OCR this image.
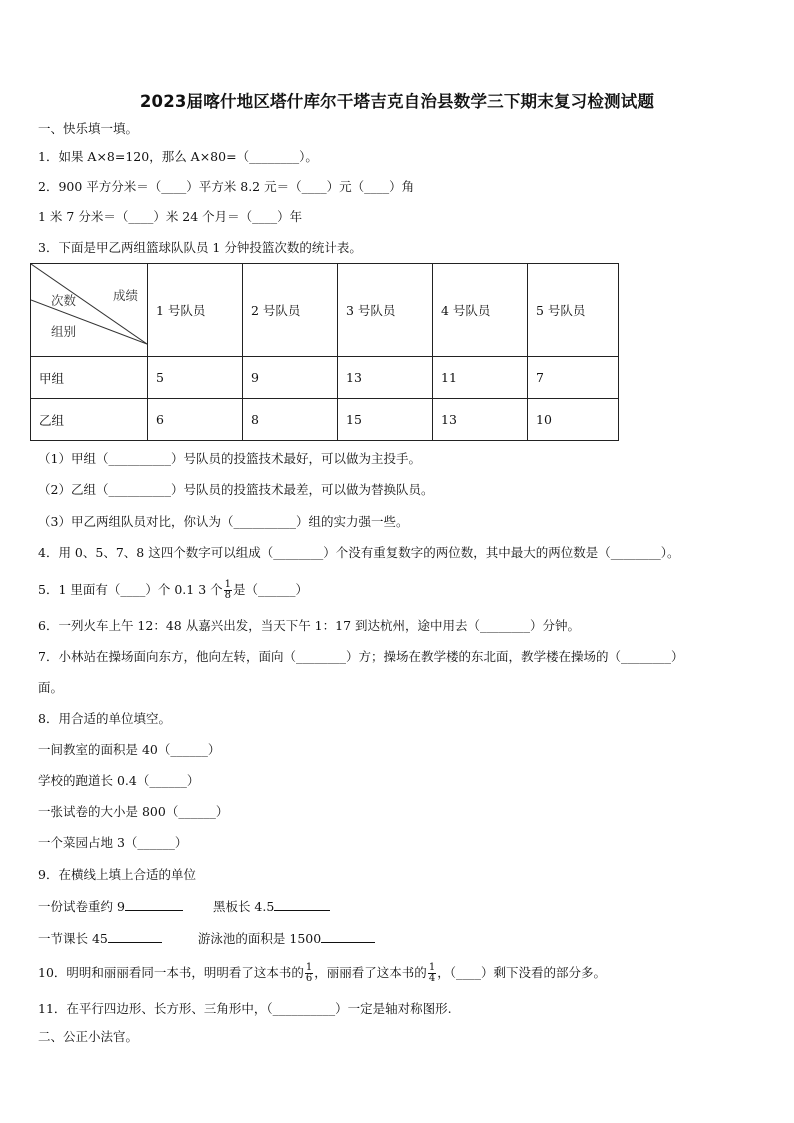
2023届喀什地区塔什库尔干塔吉克自治县数学三下期末复习检测试题
一、快乐填一填。
1．如果 A×8=120，那么 A×80=（________）。
2．900 平方分米＝（____）平方米 8.2 元＝（____）元（____）角
1 米 7 分米＝（____）米 24 个月＝（____）年
3．下面是甲乙两组篮球队队员 1 分钟投篮次数的统计表。
成绩
次数
组别	1 号队员	2 号队员	3 号队员	4 号队员	5 号队员
甲组	5	9	13	11	7
乙组	6	8	15	13	10
（1）甲组（__________）号队员的投篮技术最好，可以做为主投手。
（2）乙组（__________）号队员的投篮技术最差，可以做为替换队员。
（3）甲乙两组队员对比，你认为（__________）组的实力强一些。
4．用 0、5、7、8 这四个数字可以组成（________）个没有重复数字的两位数，其中最大的两位数是（________）。
5．1 里面有（____）个 0.1 3 个 $\frac{1}{8}$ 是（______）
6．一列火车上午 12：48 从嘉兴出发，当天下午 1：17 到达杭州，途中用去（________）分钟。
7．小林站在操场面向东方，他向左转，面向（________）方；操场在教学楼的东北面，教学楼在操场的（________）
面。
8．用合适的单位填空。
一间教室的面积是 40（______）
学校的跑道长 0.4（______）
一张试卷的大小是 800（______）
一个菜园占地 3（______）
9．在横线上填上合适的单位
一份试卷重约 9	黑板长 4.5
一节课长 45	游泳池的面积是 1500
10．明明和丽丽看同一本书，明明看了这本书的 $\frac{1}{6}$ ，丽丽看了这本书的 $\frac{1}{4}$ ，（____）剩下没看的部分多。
11．在平行四边形、长方形、三角形中，（__________）一定是轴对称图形.
二、公正小法官。
